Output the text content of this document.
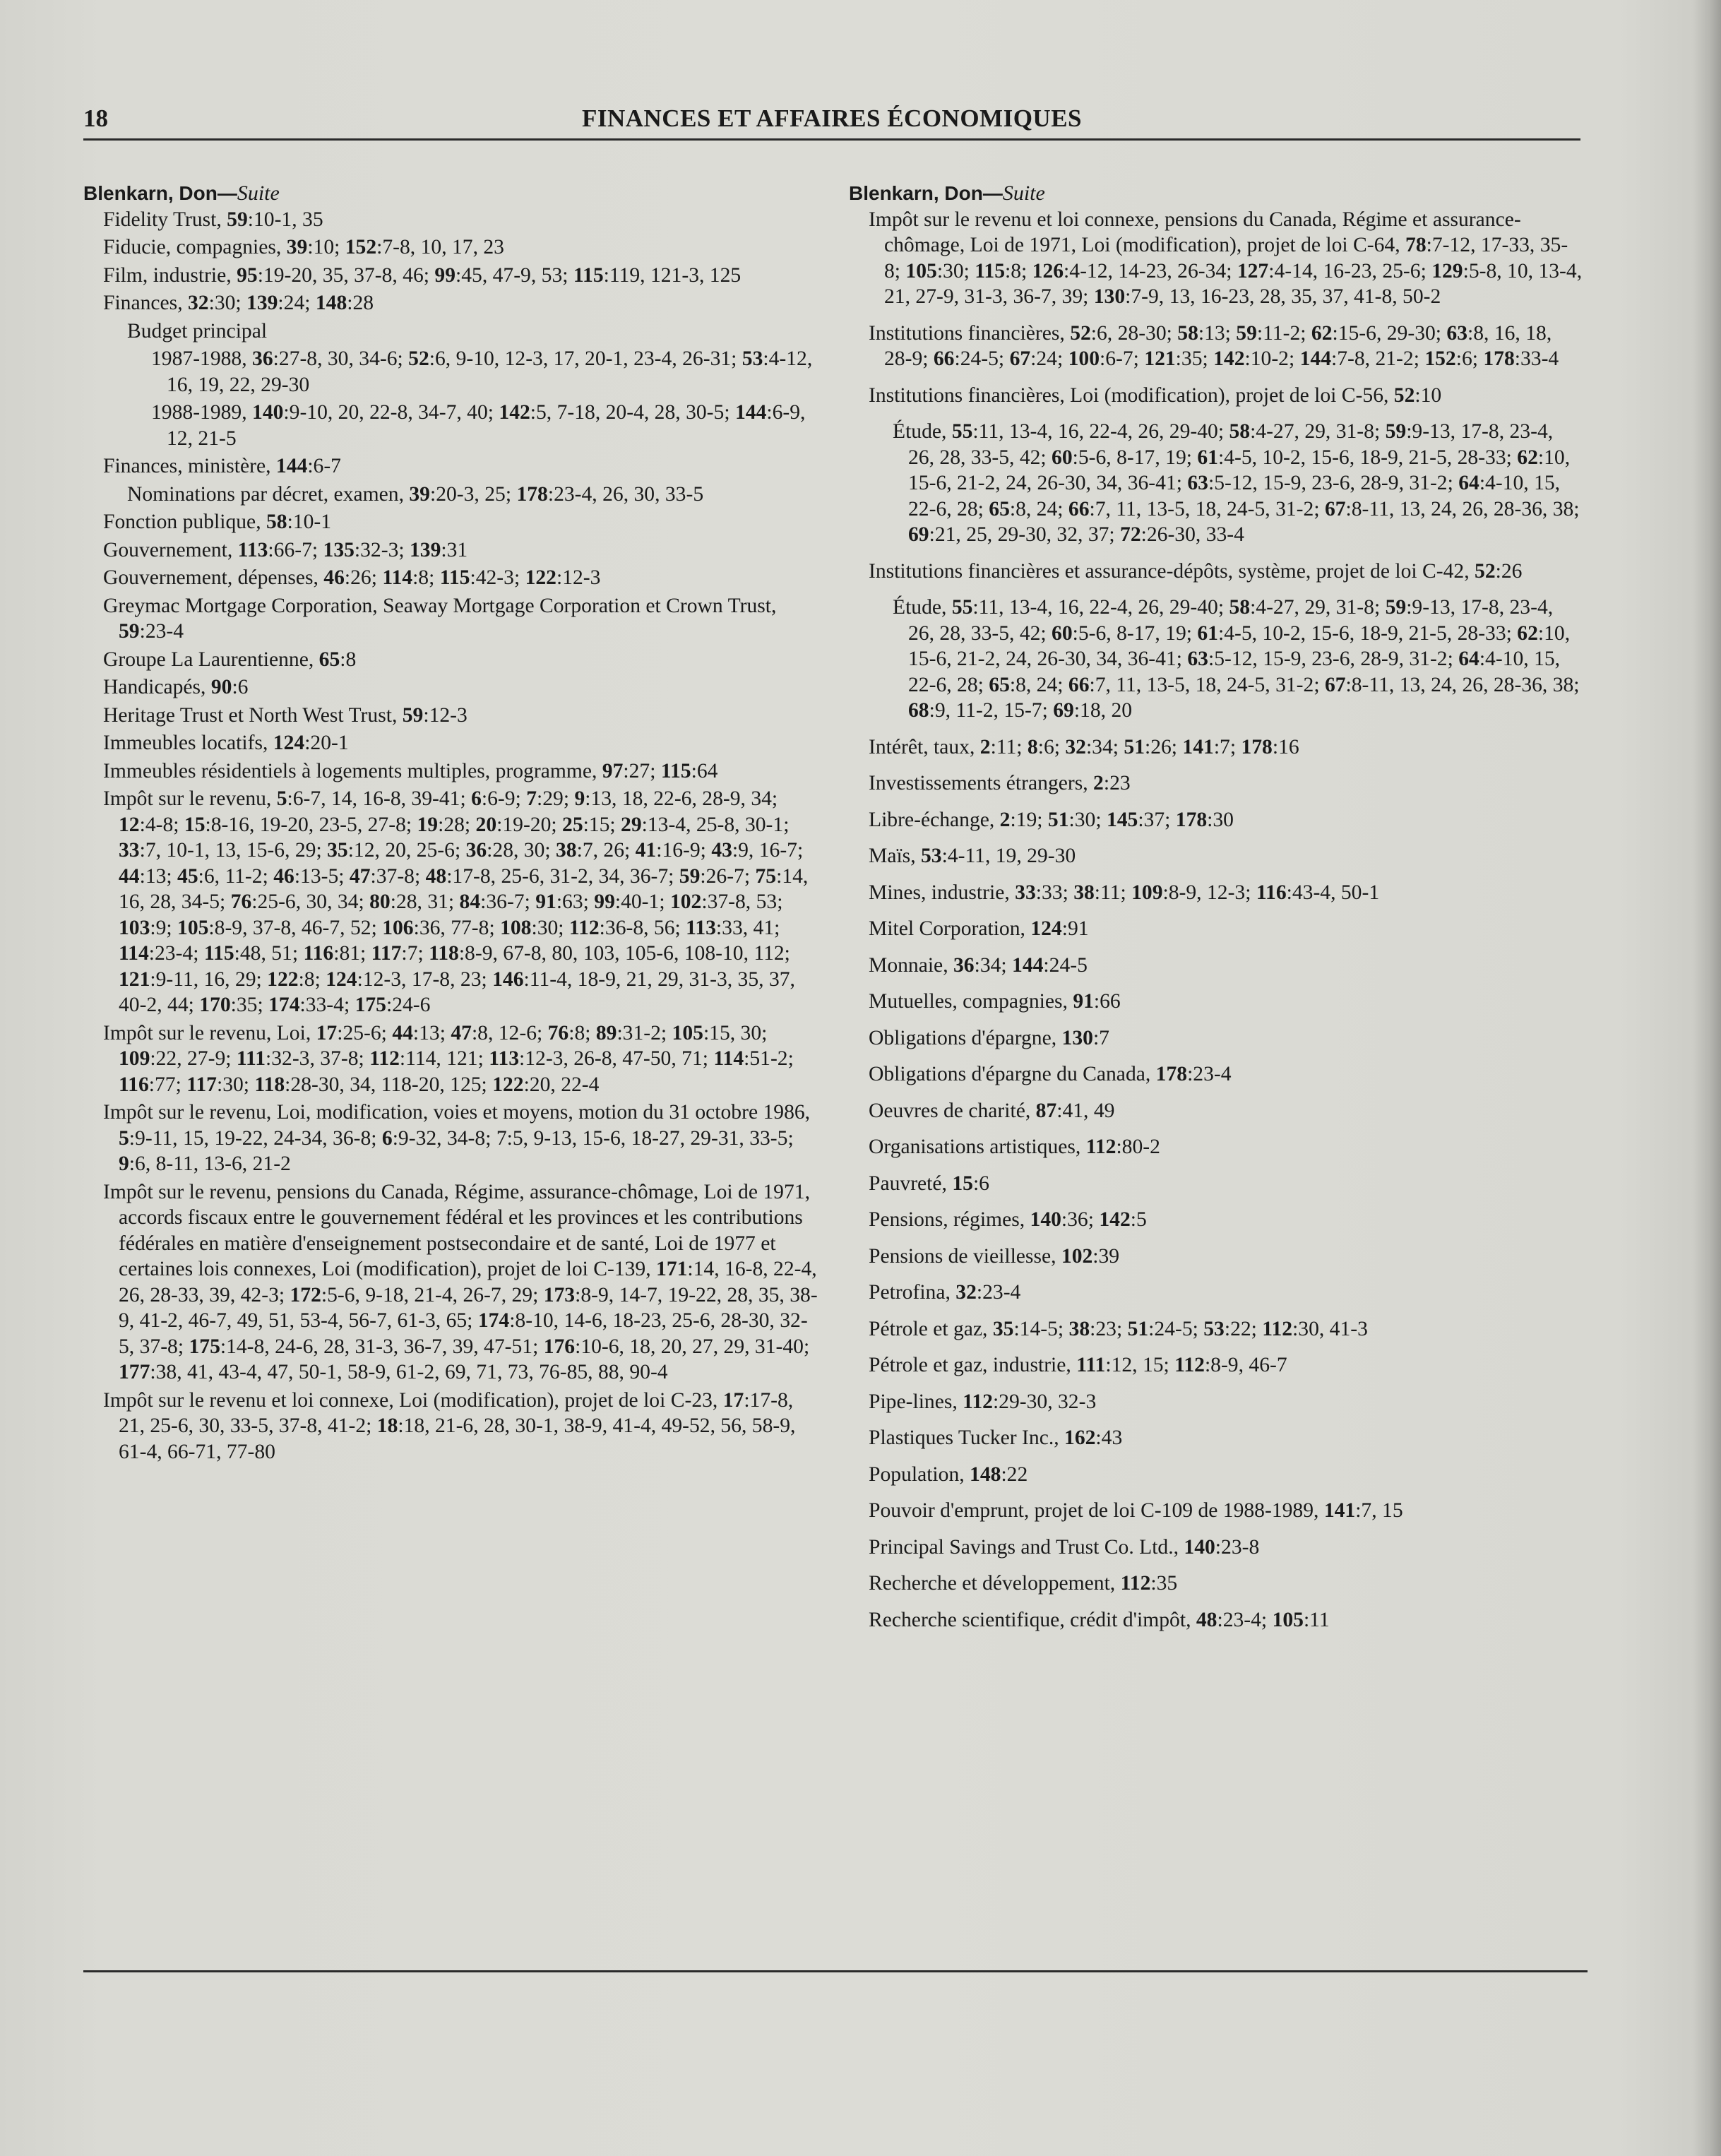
18	FINANCES ET AFFAIRES ÉCONOMIQUES
Blenkarn, Don—Suite
Fidelity Trust, 59:10-1, 35
Fiducie, compagnies, 39:10; 152:7-8, 10, 17, 23
Film, industrie, 95:19-20, 35, 37-8, 46; 99:45, 47-9, 53; 115:119, 121-3, 125
Finances, 32:30; 139:24; 148:28
Budget principal
1987-1988, 36:27-8, 30, 34-6; 52:6, 9-10, 12-3, 17, 20-1, 23-4, 26-31; 53:4-12, 16, 19, 22, 29-30
1988-1989, 140:9-10, 20, 22-8, 34-7, 40; 142:5, 7-18, 20-4, 28, 30-5; 144:6-9, 12, 21-5
Finances, ministère, 144:6-7
Nominations par décret, examen, 39:20-3, 25; 178:23-4, 26, 30, 33-5
Fonction publique, 58:10-1
Gouvernement, 113:66-7; 135:32-3; 139:31
Gouvernement, dépenses, 46:26; 114:8; 115:42-3; 122:12-3
Greymac Mortgage Corporation, Seaway Mortgage Corporation et Crown Trust, 59:23-4
Groupe La Laurentienne, 65:8
Handicapés, 90:6
Heritage Trust et North West Trust, 59:12-3
Immeubles locatifs, 124:20-1
Immeubles résidentiels à logements multiples, programme, 97:27; 115:64
Impôt sur le revenu, 5:6-7, 14, 16-8, 39-41; 6:6-9; 7:29; 9:13, 18, 22-6, 28-9, 34; 12:4-8; 15:8-16, 19-20, 23-5, 27-8; 19:28; 20:19-20; 25:15; 29:13-4, 25-8, 30-1; 33:7, 10-1, 13, 15-6, 29; 35:12, 20, 25-6; 36:28, 30; 38:7, 26; 41:16-9; 43:9, 16-7; 44:13; 45:6, 11-2; 46:13-5; 47:37-8; 48:17-8, 25-6, 31-2, 34, 36-7; 59:26-7; 75:14, 16, 28, 34-5; 76:25-6, 30, 34; 80:28, 31; 84:36-7; 91:63; 99:40-1; 102:37-8, 53; 103:9; 105:8-9, 37-8, 46-7, 52; 106:36, 77-8; 108:30; 112:36-8, 56; 113:33, 41; 114:23-4; 115:48, 51; 116:81; 117:7; 118:8-9, 67-8, 80, 103, 105-6, 108-10, 112; 121:9-11, 16, 29; 122:8; 124:12-3, 17-8, 23; 146:11-4, 18-9, 21, 29, 31-3, 35, 37, 40-2, 44; 170:35; 174:33-4; 175:24-6
Impôt sur le revenu, Loi, 17:25-6; 44:13; 47:8, 12-6; 76:8; 89:31-2; 105:15, 30; 109:22, 27-9; 111:32-3, 37-8; 112:114, 121; 113:12-3, 26-8, 47-50, 71; 114:51-2; 116:77; 117:30; 118:28-30, 34, 118-20, 125; 122:20, 22-4
Impôt sur le revenu, Loi, modification, voies et moyens, motion du 31 octobre 1986, 5:9-11, 15, 19-22, 24-34, 36-8; 6:9-32, 34-8; 7:5, 9-13, 15-6, 18-27, 29-31, 33-5; 9:6, 8-11, 13-6, 21-2
Impôt sur le revenu, pensions du Canada, Régime, assurance-chômage, Loi de 1971, accords fiscaux entre le gouvernement fédéral et les provinces et les contributions fédérales en matière d'enseignement postsecondaire et de santé, Loi de 1977 et certaines lois connexes, Loi (modification), projet de loi C-139, 171:14, 16-8, 22-4, 26, 28-33, 39, 42-3; 172:5-6, 9-18, 21-4, 26-7, 29; 173:8-9, 14-7, 19-22, 28, 35, 38-9, 41-2, 46-7, 49, 51, 53-4, 56-7, 61-3, 65; 174:8-10, 14-6, 18-23, 25-6, 28-30, 32-5, 37-8; 175:14-8, 24-6, 28, 31-3, 36-7, 39, 47-51; 176:10-6, 18, 20, 27, 29, 31-40; 177:38, 41, 43-4, 47, 50-1, 58-9, 61-2, 69, 71, 73, 76-85, 88, 90-4
Impôt sur le revenu et loi connexe, Loi (modification), projet de loi C-23, 17:17-8, 21, 25-6, 30, 33-5, 37-8, 41-2; 18:18, 21-6, 28, 30-1, 38-9, 41-4, 49-52, 56, 58-9, 61-4, 66-71, 77-80
Blenkarn, Don—Suite
Impôt sur le revenu et loi connexe, pensions du Canada, Régime et assurance-chômage, Loi de 1971, Loi (modification), projet de loi C-64, 78:7-12, 17-33, 35-8; 105:30; 115:8; 126:4-12, 14-23, 26-34; 127:4-14, 16-23, 25-6; 129:5-8, 10, 13-4, 21, 27-9, 31-3, 36-7, 39; 130:7-9, 13, 16-23, 28, 35, 37, 41-8, 50-2
Institutions financières, 52:6, 28-30; 58:13; 59:11-2; 62:15-6, 29-30; 63:8, 16, 18, 28-9; 66:24-5; 67:24; 100:6-7; 121:35; 142:10-2; 144:7-8, 21-2; 152:6; 178:33-4
Institutions financières, Loi (modification), projet de loi C-56, 52:10
Étude, 55:11, 13-4, 16, 22-4, 26, 29-40; 58:4-27, 29, 31-8; 59:9-13, 17-8, 23-4, 26, 28, 33-5, 42; 60:5-6, 8-17, 19; 61:4-5, 10-2, 15-6, 18-9, 21-5, 28-33; 62:10, 15-6, 21-2, 24, 26-30, 34, 36-41; 63:5-12, 15-9, 23-6, 28-9, 31-2; 64:4-10, 15, 22-6, 28; 65:8, 24; 66:7, 11, 13-5, 18, 24-5, 31-2; 67:8-11, 13, 24, 26, 28-36, 38; 69:21, 25, 29-30, 32, 37; 72:26-30, 33-4
Institutions financières et assurance-dépôts, système, projet de loi C-42, 52:26
Étude, 55:11, 13-4, 16, 22-4, 26, 29-40; 58:4-27, 29, 31-8; 59:9-13, 17-8, 23-4, 26, 28, 33-5, 42; 60:5-6, 8-17, 19; 61:4-5, 10-2, 15-6, 18-9, 21-5, 28-33; 62:10, 15-6, 21-2, 24, 26-30, 34, 36-41; 63:5-12, 15-9, 23-6, 28-9, 31-2; 64:4-10, 15, 22-6, 28; 65:8, 24; 66:7, 11, 13-5, 18, 24-5, 31-2; 67:8-11, 13, 24, 26, 28-36, 38; 68:9, 11-2, 15-7; 69:18, 20
Intérêt, taux, 2:11; 8:6; 32:34; 51:26; 141:7; 178:16
Investissements étrangers, 2:23
Libre-échange, 2:19; 51:30; 145:37; 178:30
Maïs, 53:4-11, 19, 29-30
Mines, industrie, 33:33; 38:11; 109:8-9, 12-3; 116:43-4, 50-1
Mitel Corporation, 124:91
Monnaie, 36:34; 144:24-5
Mutuelles, compagnies, 91:66
Obligations d'épargne, 130:7
Obligations d'épargne du Canada, 178:23-4
Oeuvres de charité, 87:41, 49
Organisations artistiques, 112:80-2
Pauvreté, 15:6
Pensions, régimes, 140:36; 142:5
Pensions de vieillesse, 102:39
Petrofina, 32:23-4
Pétrole et gaz, 35:14-5; 38:23; 51:24-5; 53:22; 112:30, 41-3
Pétrole et gaz, industrie, 111:12, 15; 112:8-9, 46-7
Pipe-lines, 112:29-30, 32-3
Plastiques Tucker Inc., 162:43
Population, 148:22
Pouvoir d'emprunt, projet de loi C-109 de 1988-1989, 141:7, 15
Principal Savings and Trust Co. Ltd., 140:23-8
Recherche et développement, 112:35
Recherche scientifique, crédit d'impôt, 48:23-4; 105:11
